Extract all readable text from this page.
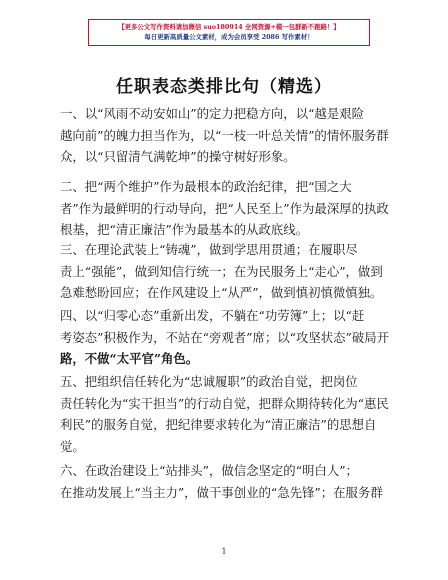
【更多公文写作资料请加微信 suo180914 全网资源+模一包群新不跑路！】
每日更新高质量公文素材，成为会员享受 2086 写作素材！
任职表态类排比句（精选）
一、以“风雨不动安如山”的定力把稳方向，以“越是艰险
越向前”的魄力担当作为，以“一枝一叶总关情”的情怀服务群
众，以“只留清气满乾坤”的操守树好形象。
二、把“两个维护”作为最根本的政治纪律，把“国之大
者”作为最鲜明的行动导向，把“人民至上”作为最深厚的执政
根基，把“清正廉洁”作为最基本的从政底线。
三、在理论武装上“铸魂”，做到学思用贯通；在履职尽
责上“强能”，做到知信行统一；在为民服务上“走心”，做到
急难愁盼回应；在作风建设上“从严”，做到慎初慎微慎独。
四、以“归零心态”重新出发，不躺在“功劳簿”上；以“赶
考姿态”积极作为，不站在“旁观者”席；以“攻坚状态”破局开
路，不做“太平官”角色。
五、把组织信任转化为“忠诚履职”的政治自觉，把岗位
责任转化为“实干担当”的行动自觉，把群众期待转化为“惠民
利民”的服务自觉，把纪律要求转化为“清正廉洁”的思想自
觉。
六、在政治建设上“站排头”，做信念坚定的“明白人”；
在推动发展上“当主力”，做干事创业的“急先锋”；在服务群
1
